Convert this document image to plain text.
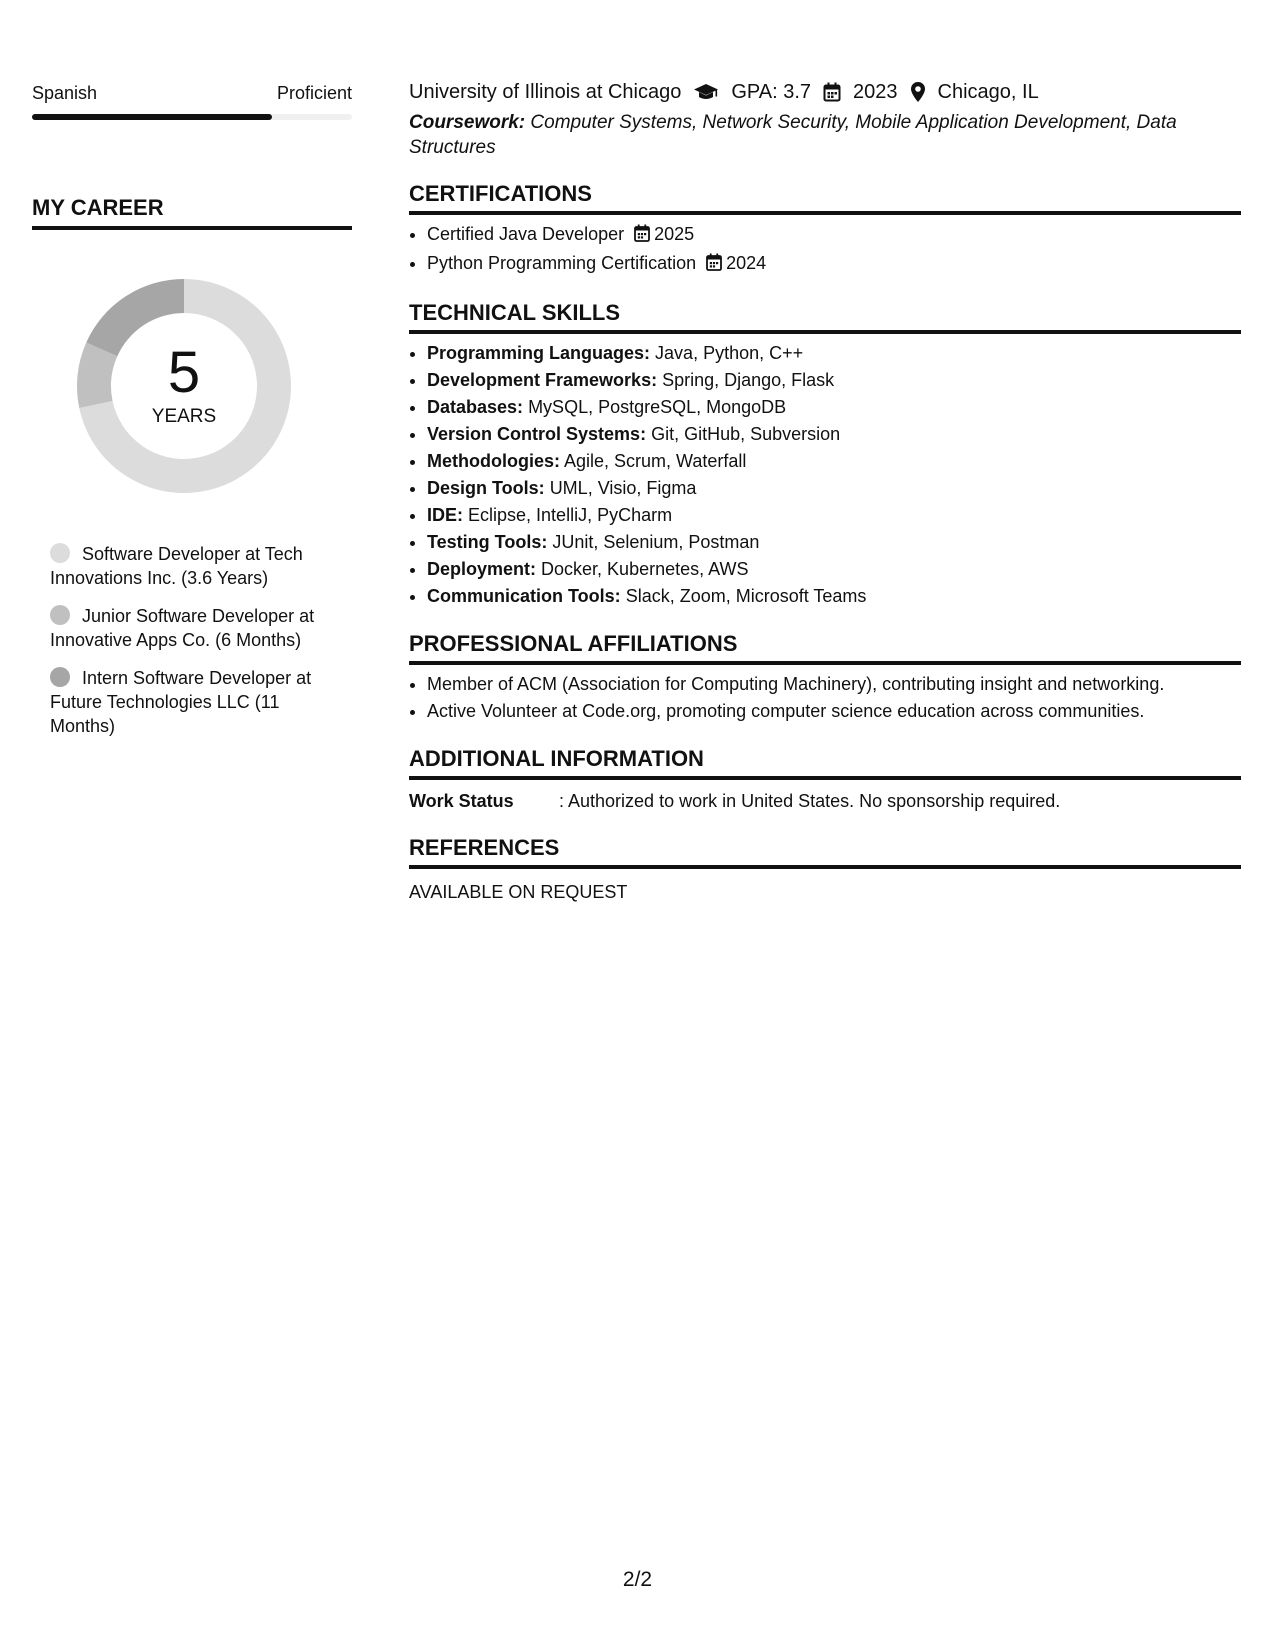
Spanish	Proficient
MY CAREER
5
YEARS
Software Developer at Tech Innovations Inc. (3.6 Years)
Junior Software Developer at Innovative Apps Co. (6 Months)
Intern Software Developer at Future Technologies LLC (11 Months)
University of Illinois at Chicago	GPA: 3.7 2023 Chicago, IL
Coursework: Computer Systems, Network Security, Mobile Application Development, Data Structures
CERTIFICATIONS
• Certified Java Developer 2025
• Python Programming Certification 2024
TECHNICAL SKILLS
• Programming Languages: Java, Python, C++
• Development Frameworks: Spring, Django, Flask
• Databases: MySQL, PostgreSQL, MongoDB
• Version Control Systems: Git, GitHub, Subversion
• Methodologies: Agile, Scrum, Waterfall
• Design Tools: UML, Visio, Figma
• IDE: Eclipse, IntelliJ, PyCharm
• Testing Tools: JUnit, Selenium, Postman
• Deployment: Docker, Kubernetes, AWS
• Communication Tools: Slack, Zoom, Microsoft Teams
PROFESSIONAL AFFILIATIONS
• Member of ACM (Association for Computing Machinery), contributing insight and networking.
• Active Volunteer at Code.org, promoting computer science education across communities.
ADDITIONAL INFORMATION
Work Status	: Authorized to work in United States. No sponsorship required.
REFERENCES
AVAILABLE ON REQUEST
2/2
